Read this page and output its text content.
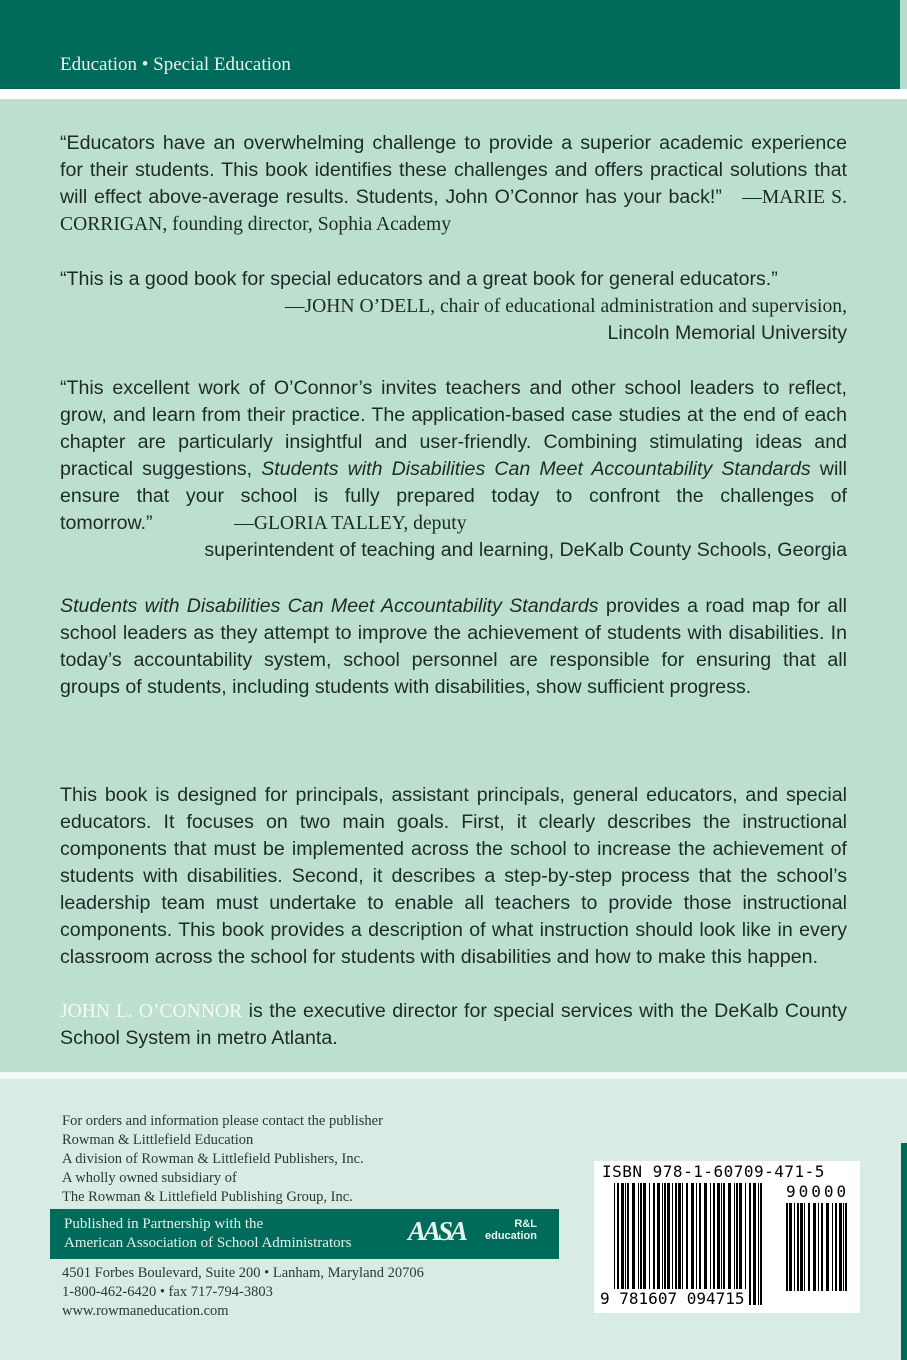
Education • Special Education
“Educators have an overwhelming challenge to provide a superior academic experience for their students. This book identifies these challenges and offers practical solutions that will effect above-average results. Students, John O’Connor has your back!” —MARIE S. CORRIGAN, founding director, Sophia Academy
“This is a good book for special educators and a great book for general educators.”
—JOHN O’DELL, chair of educational administration and supervision,
Lincoln Memorial University
“This excellent work of O’Connor’s invites teachers and other school leaders to reflect, grow, and learn from their practice. The application-based case studies at the end of each chapter are particularly insightful and user-friendly. Combining stimulating ideas and practical suggestions, Students with Disabilities Can Meet Accountability Standards will ensure that your school is fully prepared today to confront the challenges of tomorrow.”	—GLORIA TALLEY, deputy
superintendent of teaching and learning, DeKalb County Schools, Georgia
Students with Disabilities Can Meet Accountability Standards provides a road map for all school leaders as they attempt to improve the achievement of students with disabilities. In today’s accountability system, school personnel are responsible for ensuring that all groups of students, including students with disabilities, show sufficient progress.
This book is designed for principals, assistant principals, general educators, and special educators. It focuses on two main goals. First, it clearly describes the instructional components that must be implemented across the school to increase the achievement of students with disabilities. Second, it describes a step-by-step process that the school’s leadership team must undertake to enable all teachers to provide those instructional components. This book provides a description of what instruction should look like in every classroom across the school for students with disabilities and how to make this happen.
JOHN L. O’CONNOR is the executive director for special services with the DeKalb County School System in metro Atlanta.
For orders and information please contact the publisher
Rowman & Littlefield Education
A division of Rowman & Littlefield Publishers, Inc.
A wholly owned subsidiary of
The Rowman & Littlefield Publishing Group, Inc.
Published in Partnership with the
American Association of School Administrators AASA	R&L
education
4501 Forbes Boulevard, Suite 200 • Lanham, Maryland 20706
1-800-462-6420 • fax 717-794-3803
www.rowmaneducation.com
ISBN 978-1-60709-471-5
90000
9 781607 094715
